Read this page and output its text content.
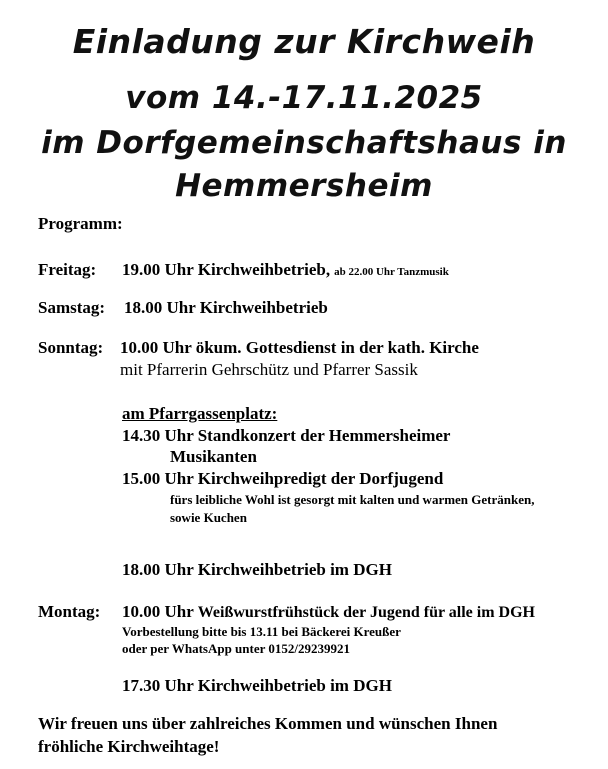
Einladung zur Kirchweih
vom 14.-17.11.2025
im Dorfgemeinschaftshaus in
Hemmersheim
Programm:
Freitag: 19.00 Uhr Kirchweihbetrieb, ab 22.00 Uhr Tanzmusik
Samstag: 18.00 Uhr Kirchweihbetrieb
Sonntag: 10.00 Uhr ökum. Gottesdienst in der kath. Kirche
mit Pfarrerin Gehrschütz und Pfarrer Sassik
am Pfarrgassenplatz:
14.30 Uhr Standkonzert der Hemmersheimer
Musikanten
15.00 Uhr Kirchweihpredigt der Dorfjugend
fürs leibliche Wohl ist gesorgt mit kalten und warmen Getränken,
sowie Kuchen
18.00 Uhr Kirchweihbetrieb im DGH
Montag: 10.00 Uhr Weißwurstfrühstück der Jugend für alle im DGH
Vorbestellung bitte bis 13.11 bei Bäckerei Kreußer
oder per WhatsApp unter 0152/29239921
17.30 Uhr Kirchweihbetrieb im DGH
Wir freuen uns über zahlreiches Kommen und wünschen Ihnen
fröhliche Kirchweihtage!
